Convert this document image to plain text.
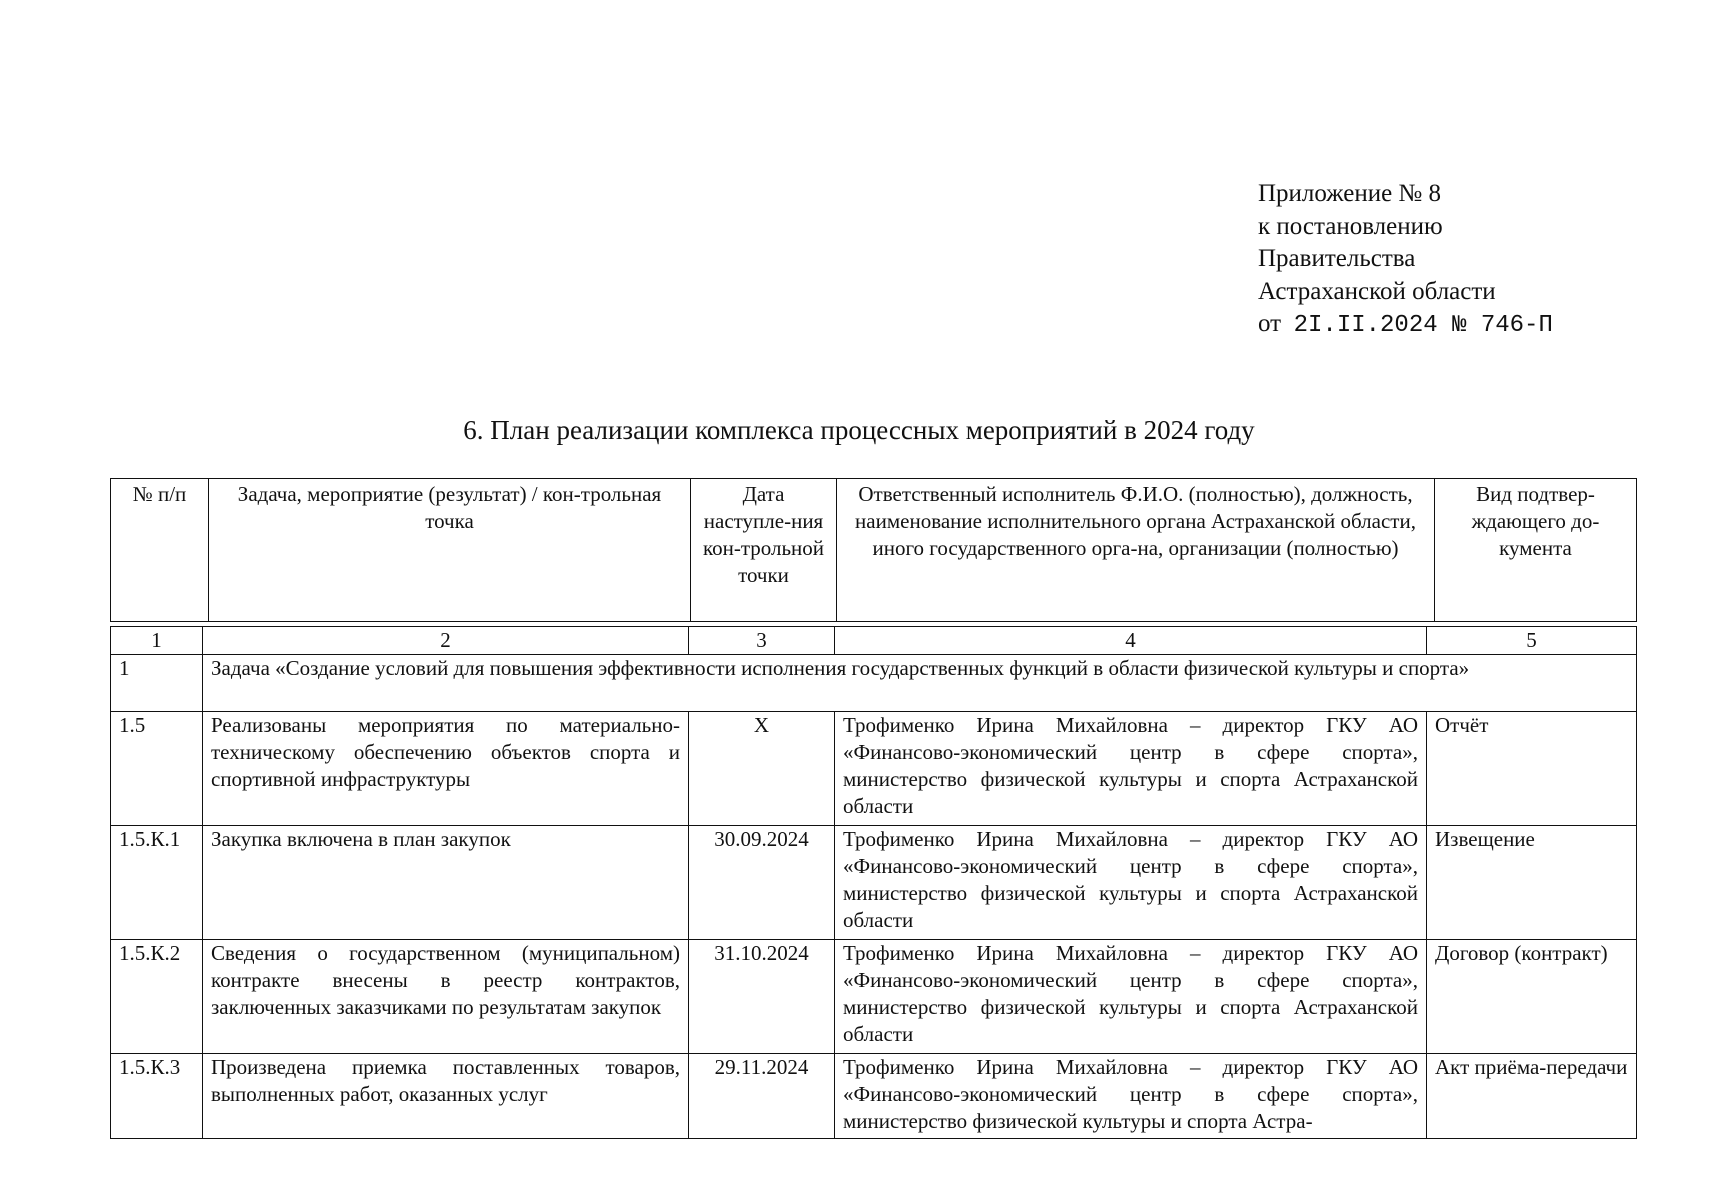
Приложение № 8
к постановлению
Правительства
Астраханской области
от 2I.II.2024 № 746-П
6. План реализации комплекса процессных мероприятий в 2024 году
№ п/п	Задача, мероприятие (результат) / кон-трольная точка	Дата наступле-ния кон-трольной точки	Ответственный исполнитель Ф.И.О. (полностью), должность, наименование исполнительного органа Астраханской области, иного государственного орга-на, организации (полностью)	Вид подтвер-ждающего до-кумента
1	2	3	4	5
1	Задача «Создание условий для повышения эффективности исполнения государственных функций в области физической культуры и спорта»			
1.5	Реализованы мероприятия по материально-техническому обеспечению объектов спорта и спортивной инфраструктуры	X	Трофименко Ирина Михайловна – директор ГКУ АО «Финансово-экономический центр в сфере спорта», министерство физической культуры и спорта Астраханской области	Отчёт
1.5.К.1	Закупка включена в план закупок	30.09.2024	Трофименко Ирина Михайловна – директор ГКУ АО «Финансово-экономический центр в сфере спорта», министерство физической культуры и спорта Астраханской области	Извещение
1.5.К.2	Сведения о государственном (муниципальном) контракте внесены в реестр контрактов, заключенных заказчиками по результатам закупок	31.10.2024	Трофименко Ирина Михайловна – директор ГКУ АО «Финансово-экономический центр в сфере спорта», министерство физической культуры и спорта Астраханской области	Договор (контракт)
1.5.К.3	Произведена приемка поставленных товаров, выполненных работ, оказанных услуг	29.11.2024	Трофименко Ирина Михайловна – директор ГКУ АО «Финансово-экономический центр в сфере спорта», министерство физической культуры и спорта Астра-	Акт приёма-передачи
